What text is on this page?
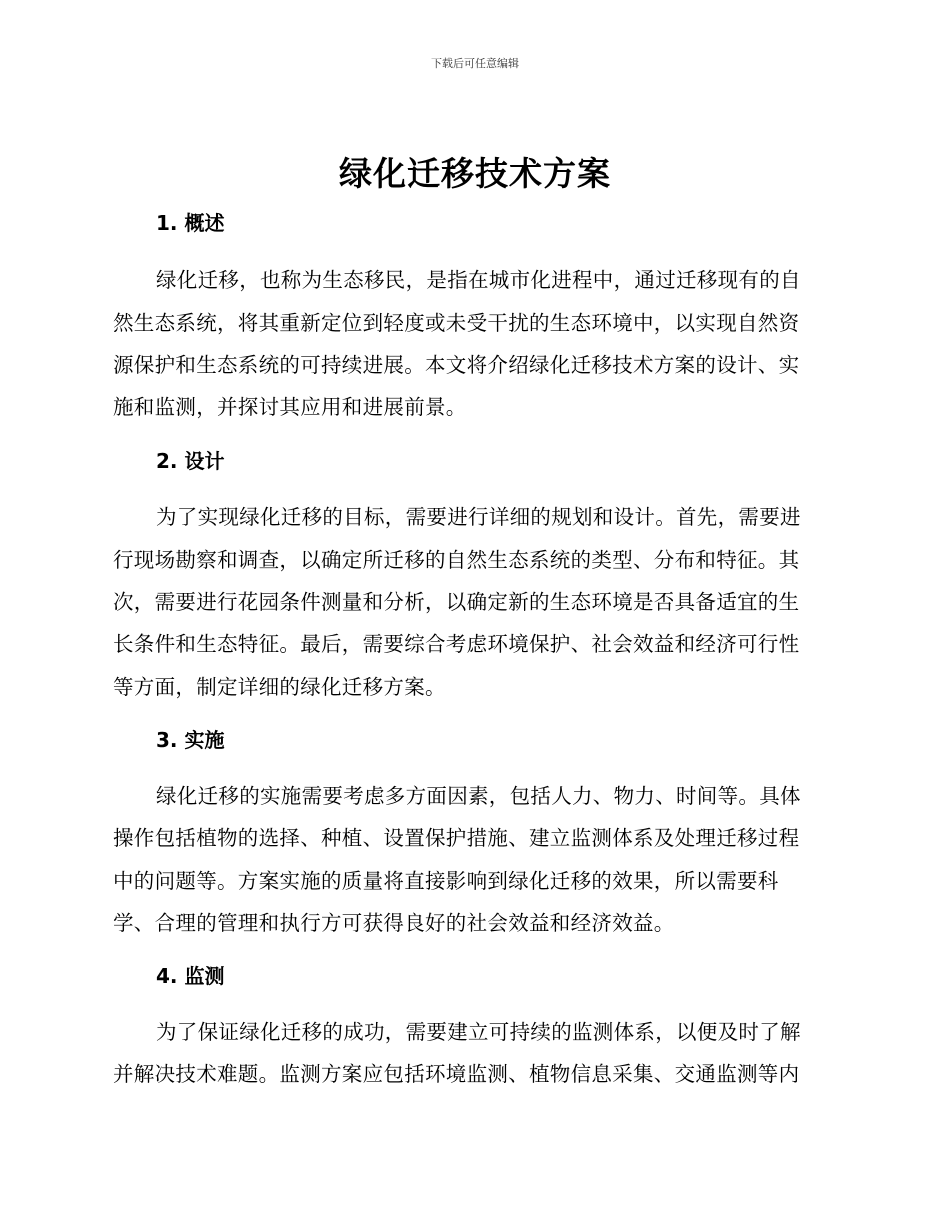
下载后可任意编辑
绿化迁移技术方案
1. 概述
绿化迁移，也称为生态移民，是指在城市化进程中，通过迁移现有的自
然生态系统，将其重新定位到轻度或未受干扰的生态环境中，以实现自然资
源保护和生态系统的可持续进展。本文将介绍绿化迁移技术方案的设计、实
施和监测，并探讨其应用和进展前景。
2. 设计
为了实现绿化迁移的目标，需要进行详细的规划和设计。首先，需要进
行现场勘察和调查，以确定所迁移的自然生态系统的类型、分布和特征。其
次，需要进行花园条件测量和分析，以确定新的生态环境是否具备适宜的生
长条件和生态特征。最后，需要综合考虑环境保护、社会效益和经济可行性
等方面，制定详细的绿化迁移方案。
3. 实施
绿化迁移的实施需要考虑多方面因素，包括人力、物力、时间等。具体
操作包括植物的选择、种植、设置保护措施、建立监测体系及处理迁移过程
中的问题等。方案实施的质量将直接影响到绿化迁移的效果，所以需要科
学、合理的管理和执行方可获得良好的社会效益和经济效益。
4. 监测
为了保证绿化迁移的成功，需要建立可持续的监测体系，以便及时了解
并解决技术难题。监测方案应包括环境监测、植物信息采集、交通监测等内
